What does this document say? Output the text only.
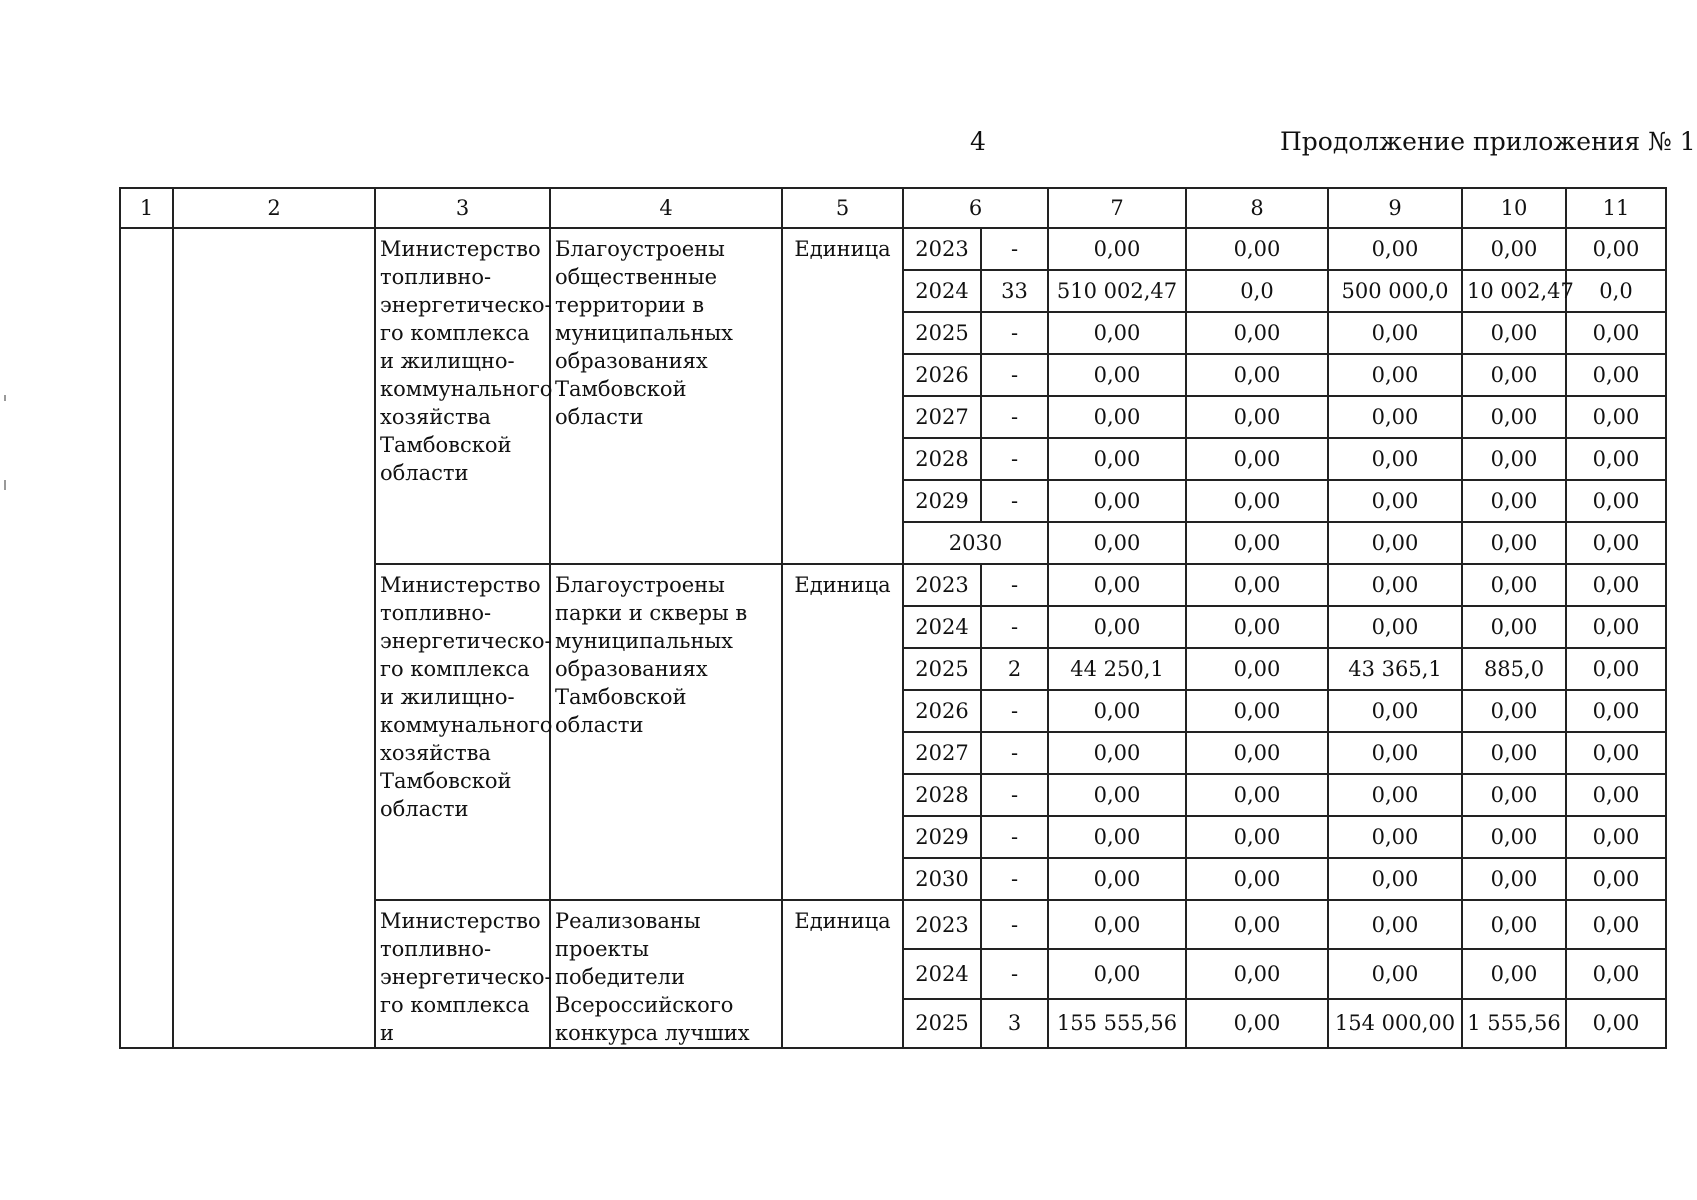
4	Продолжение приложения № 1
1	2	3	4	5	6		7	8	9	10	11
		Министерство топливно-энергетическо-го комплекса и жилищно-коммунального хозяйства Тамбовской области	Благоустроены общественные территории в муниципальных образованиях Тамбовской области	Единица	2023	-	0,00	0,00	0,00	0,00	0,00
					2024	33	510 002,47	0,0	500 000,0	10 002,47	0,0
					2025	-	0,00	0,00	0,00	0,00	0,00
					2026	-	0,00	0,00	0,00	0,00	0,00
					2027	-	0,00	0,00	0,00	0,00	0,00
					2028	-	0,00	0,00	0,00	0,00	0,00
					2029	-	0,00	0,00	0,00	0,00	0,00
					2030		0,00	0,00	0,00	0,00	0,00
		Министерство топливно-энергетическо-го комплекса и жилищно-коммунального хозяйства Тамбовской области	Благоустроены парки и скверы в муниципальных образованиях Тамбовской области	Единица	2023	-	0,00	0,00	0,00	0,00	0,00
					2024	-	0,00	0,00	0,00	0,00	0,00
					2025	2	44 250,1	0,00	43 365,1	885,0	0,00
					2026	-	0,00	0,00	0,00	0,00	0,00
					2027	-	0,00	0,00	0,00	0,00	0,00
					2028	-	0,00	0,00	0,00	0,00	0,00
					2029	-	0,00	0,00	0,00	0,00	0,00
					2030	-	0,00	0,00	0,00	0,00	0,00
		Министерство топливно-энергетическо-го комплекса и	Реализованы проекты победители Всероссийского конкурса лучших	Единица	2023	-	0,00	0,00	0,00	0,00	0,00
					2024	-	0,00	0,00	0,00	0,00	0,00
					2025	3	155 555,56	0,00	154 000,00	1 555,56	0,00
